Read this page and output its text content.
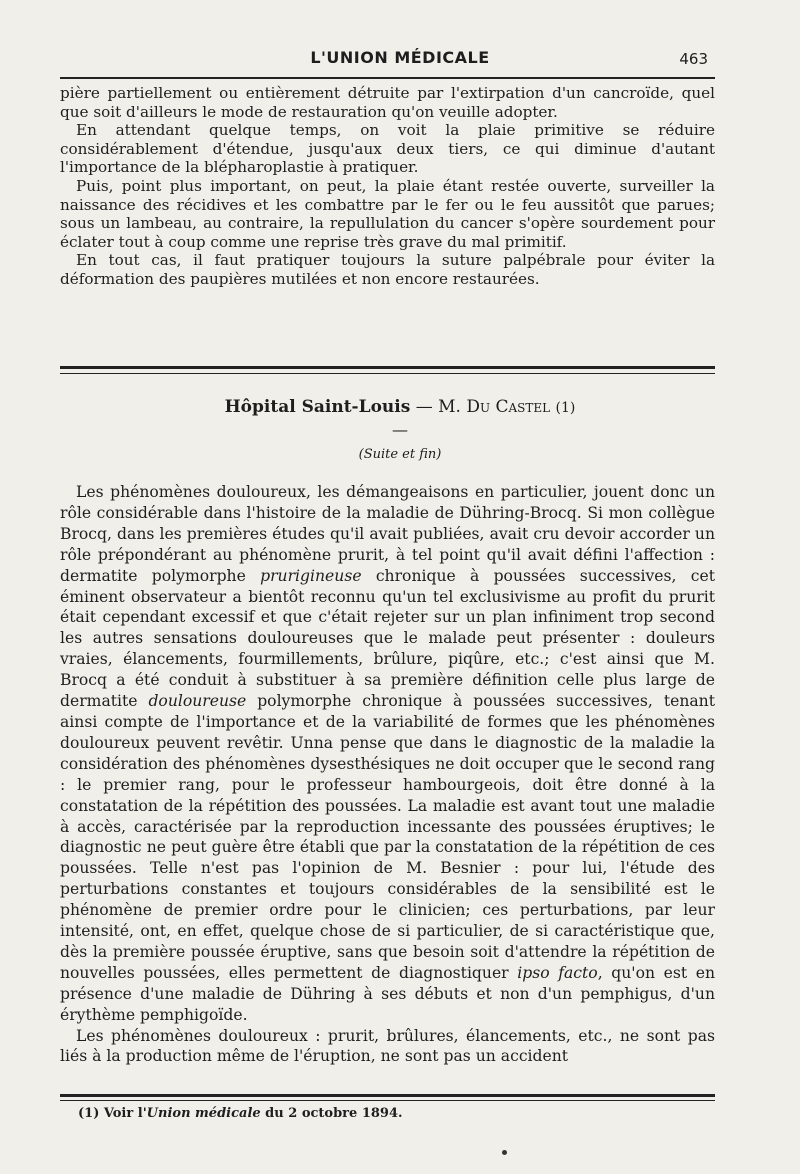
L'UNION MÉDICALE	463

pière partiellement ou entièrement détruite par l'extirpation d'un cancroïde, quel que soit d'ailleurs le mode de restauration qu'on veuille adopter.

En attendant quelque temps, on voit la plaie primitive se réduire considérablement d'étendue, jusqu'aux deux tiers, ce qui diminue d'autant l'importance de la blépharoplastie à pratiquer.

Puis, point plus important, on peut, la plaie étant restée ouverte, surveiller la naissance des récidives et les combattre par le fer ou le feu aussitôt que parues; sous un lambeau, au contraire, la repullulation du cancer s'opère sourdement pour éclater tout à coup comme une reprise très grave du mal primitif.

En tout cas, il faut pratiquer toujours la suture palpébrale pour éviter la déformation des paupières mutilées et non encore restaurées.

Hôpital Saint-Louis — M. Du Castel (1)
—
(Suite et fin)

Les phénomènes douloureux, les démangeaisons en particulier, jouent donc un rôle considérable dans l'histoire de la maladie de Dühring-Brocq. Si mon collègue Brocq, dans les premières études qu'il avait publiées, avait cru devoir accorder un rôle prépondérant au phénomène prurit, à tel point qu'il avait défini l'affection : dermatite polymorphe prurigineuse chronique à poussées successives, cet éminent observateur a bientôt reconnu qu'un tel exclusivisme au profit du prurit était cependant excessif et que c'était rejeter sur un plan infiniment trop second les autres sensations douloureuses que le malade peut présenter : douleurs vraies, élancements, fourmillements, brûlure, piqûre, etc.; c'est ainsi que M. Brocq a été conduit à substituer à sa première définition celle plus large de dermatite douloureuse polymorphe chronique à poussées successives, tenant ainsi compte de l'importance et de la variabilité de formes que les phénomènes douloureux peuvent revêtir. Unna pense que dans le diagnostic de la maladie la considération des phénomènes dysesthésiques ne doit occuper que le second rang : le premier rang, pour le professeur hambourgeois, doit être donné à la constatation de la répétition des poussées. La maladie est avant tout une maladie à accès, caractérisée par la reproduction incessante des poussées éruptives; le diagnostic ne peut guère être établi que par la constatation de la répétition de ces poussées. Telle n'est pas l'opinion de M. Besnier : pour lui, l'étude des perturbations constantes et toujours considérables de la sensibilité est le phénomène de premier ordre pour le clinicien; ces perturbations, par leur intensité, ont, en effet, quelque chose de si particulier, de si caractéristique que, dès la première poussée éruptive, sans que besoin soit d'attendre la répétition de nouvelles poussées, elles permettent de diagnostiquer ipso facto, qu'on est en présence d'une maladie de Dühring à ses débuts et non d'un pemphigus, d'un érythème pemphigoïde.

Les phénomènes douloureux : prurit, brûlures, élancements, etc., ne sont pas liés à la production même de l'éruption, ne sont pas un accident

(1) Voir l'Union médicale du 2 octobre 1894.
